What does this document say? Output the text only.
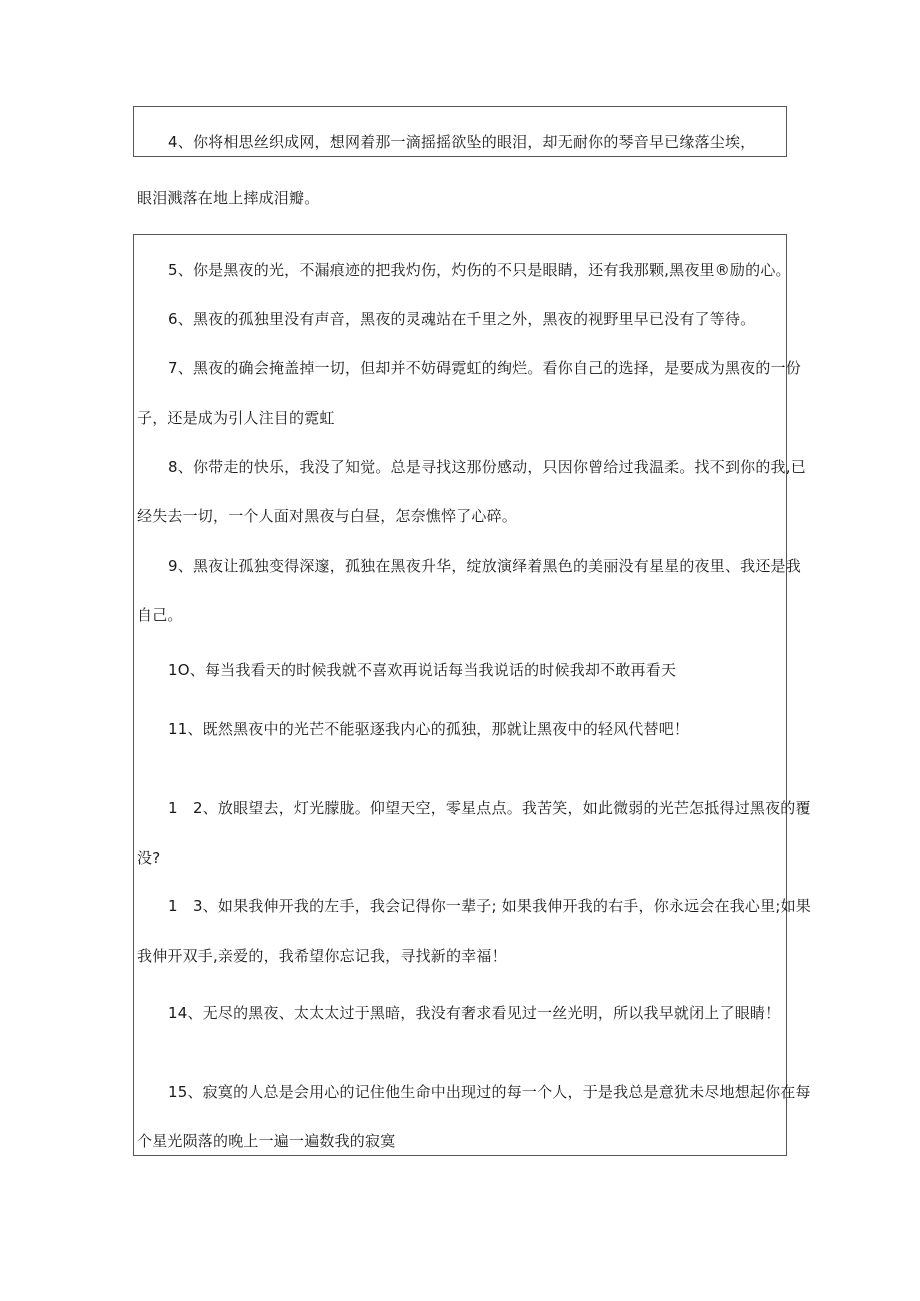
4、你将相思丝织成网，想网着那一滴摇摇欲坠的眼泪，却无耐你的琴音早已缘落尘埃，
眼泪溅落在地上摔成泪瓣。
5、你是黑夜的光，不漏痕迹的把我灼伤，灼伤的不只是眼睛，还有我那颗,黑夜里®励的心。
6、黑夜的孤独里没有声音，黑夜的灵魂站在千里之外，黑夜的视野里早已没有了等待。
7、黑夜的确会掩盖掉一切，但却并不妨碍霓虹的绚烂。看你自己的选择，是要成为黑夜的一份
子，还是成为引人注目的霓虹
8、你带走的快乐，我没了知觉。总是寻找这那份感动，只因你曾给过我温柔。找不到你的我,已
经失去一切，一个人面对黑夜与白昼，怎奈憔悴了心碎。
9、黑夜让孤独变得深邃，孤独在黑夜升华，绽放演绎着黑色的美丽没有星星的夜里、我还是我
自己。
1O、每当我看天的时候我就不喜欢再说话每当我说话的时候我却不敢再看天
11、既然黑夜中的光芒不能驱逐我内心的孤独，那就让黑夜中的轻风代替吧！
1　2、放眼望去，灯光朦胧。仰望天空，零星点点。我苦笑，如此微弱的光芒怎抵得过黑夜的覆
没?
1　3、如果我伸开我的左手，我会记得你一辈子; 如果我伸开我的右手，你永远会在我心里;如果
我伸开双手,亲爱的，我希望你忘记我，寻找新的幸福！
14、无尽的黑夜、太太太过于黑暗，我没有奢求看见过一丝光明，所以我早就闭上了眼睛！
15、寂寞的人总是会用心的记住他生命中出现过的每一个人，于是我总是意犹未尽地想起你在每
个星光陨落的晚上一遍一遍数我的寂寞
